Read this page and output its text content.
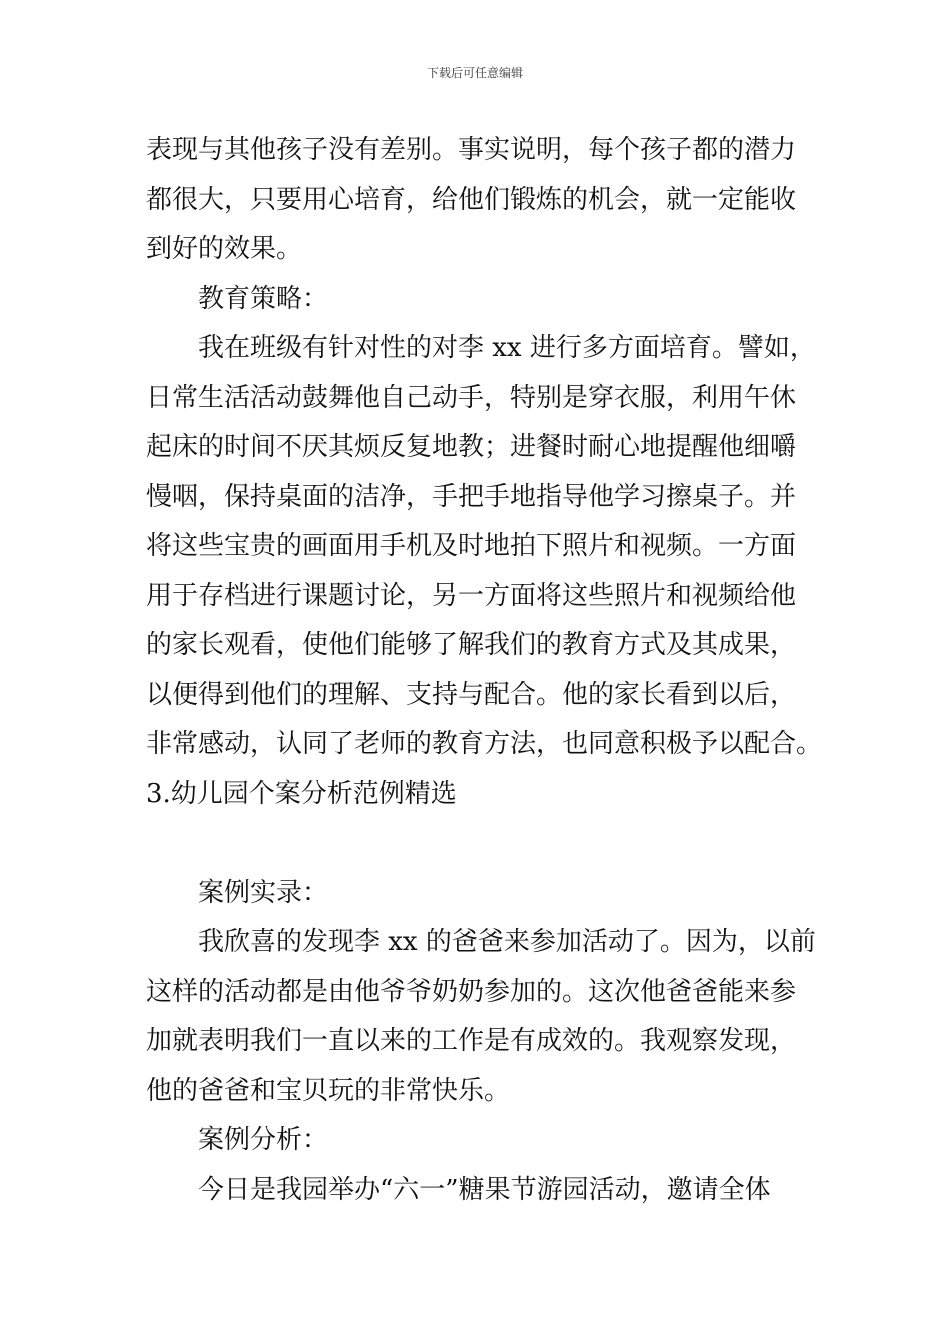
下载后可任意编辑
表现与其他孩子没有差别。事实说明，每个孩子都的潜力
都很大，只要用心培育，给他们锻炼的机会，就一定能收
到好的效果。
教育策略：
我在班级有针对性的对李 xx 进行多方面培育。譬如，
日常生活活动鼓舞他自己动手，特别是穿衣服，利用午休
起床的时间不厌其烦反复地教；进餐时耐心地提醒他细嚼
慢咽，保持桌面的洁净，手把手地指导他学习擦桌子。并
将这些宝贵的画面用手机及时地拍下照片和视频。一方面
用于存档进行课题讨论，另一方面将这些照片和视频给他
的家长观看，使他们能够了解我们的教育方式及其成果，
以便得到他们的理解、支持与配合。他的家长看到以后，
非常感动，认同了老师的教育方法，也同意积极予以配合。
3.幼儿园个案分析范例精选
案例实录：
我欣喜的发现李 xx 的爸爸来参加活动了。因为，以前
这样的活动都是由他爷爷奶奶参加的。这次他爸爸能来参
加就表明我们一直以来的工作是有成效的。我观察发现，
他的爸爸和宝贝玩的非常快乐。
案例分析：
今日是我园举办“六一”糖果节游园活动，邀请全体
